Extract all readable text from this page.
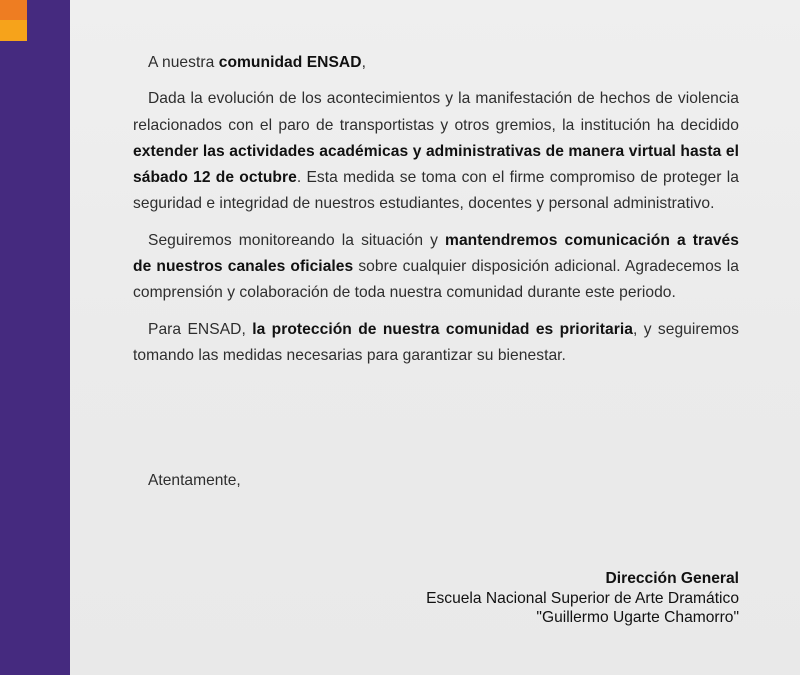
A nuestra comunidad ENSAD,

Dada la evolución de los acontecimientos y la manifestación de hechos de violencia relacionados con el paro de transportistas y otros gremios, la institución ha decidido extender las actividades académicas y administrativas de manera virtual hasta el sábado 12 de octubre. Esta medida se toma con el firme compromiso de proteger la seguridad e integridad de nuestros estudiantes, docentes y personal administrativo.

Seguiremos monitoreando la situación y mantendremos comunicación a través de nuestros canales oficiales sobre cualquier disposición adicional. Agradecemos la comprensión y colaboración de toda nuestra comunidad durante este periodo.

Para ENSAD, la protección de nuestra comunidad es prioritaria, y seguiremos tomando las medidas necesarias para garantizar su bienestar.

Atentamente,
Dirección General
Escuela Nacional Superior de Arte Dramático
"Guillermo Ugarte Chamorro"
